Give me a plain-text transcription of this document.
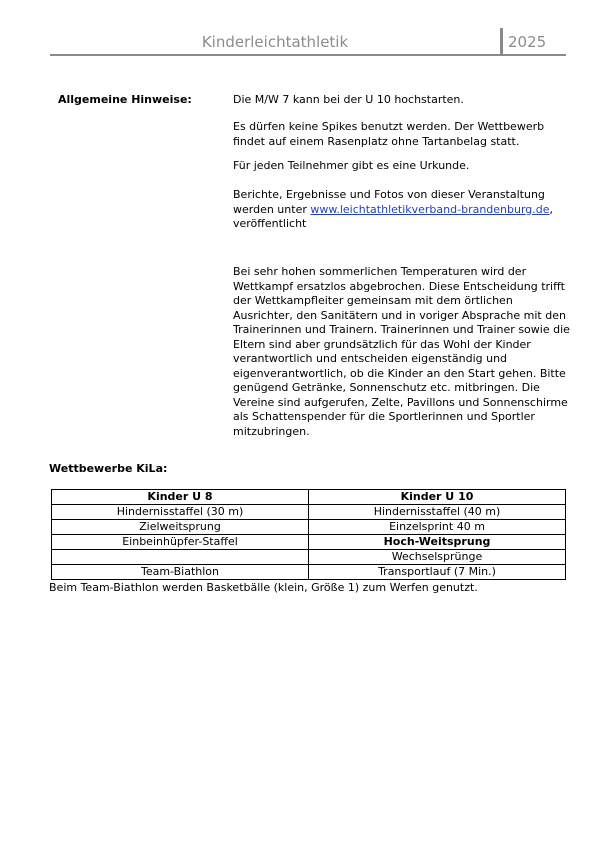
Kinderleichtathletik	2025
Allgemeine Hinweise:	Die M/W 7 kann bei der U 10 hochstarten.

Es dürfen keine Spikes benutzt werden. Der Wettbewerb findet auf einem Rasenplatz ohne Tartanbelag statt.

Für jeden Teilnehmer gibt es eine Urkunde.

Berichte, Ergebnisse und Fotos von dieser Veranstaltung werden unter www.leichtathletikverband-brandenburg.de, veröffentlicht

Bei sehr hohen sommerlichen Temperaturen wird der Wettkampf ersatzlos abgebrochen. Diese Entscheidung trifft der Wettkampfleiter gemeinsam mit dem örtlichen Ausrichter, den Sanitätern und in voriger Absprache mit den Trainerinnen und Trainern. Trainerinnen und Trainer sowie die Eltern sind aber grundsätzlich für das Wohl der Kinder verantwortlich und entscheiden eigenständig und eigenverantwortlich, ob die Kinder an den Start gehen. Bitte genügend Getränke, Sonnenschutz etc. mitbringen. Die Vereine sind aufgerufen, Zelte, Pavillons und Sonnenschirme als Schattenspender für die Sportlerinnen und Sportler mitzubringen.

Wettbewerbe KiLa:
Kinder U 8	Kinder U 10
Hindernisstaffel (30 m)	Hindernisstaffel (40 m)
Zielweitsprung	Einzelsprint 40 m
Einbeinhüpfer-Staffel	Hoch-Weitsprung
	Wechselsprünge
Team-Biathlon	Transportlauf (7 Min.)
Beim Team-Biathlon werden Basketbälle (klein, Größe 1) zum Werfen genutzt.
